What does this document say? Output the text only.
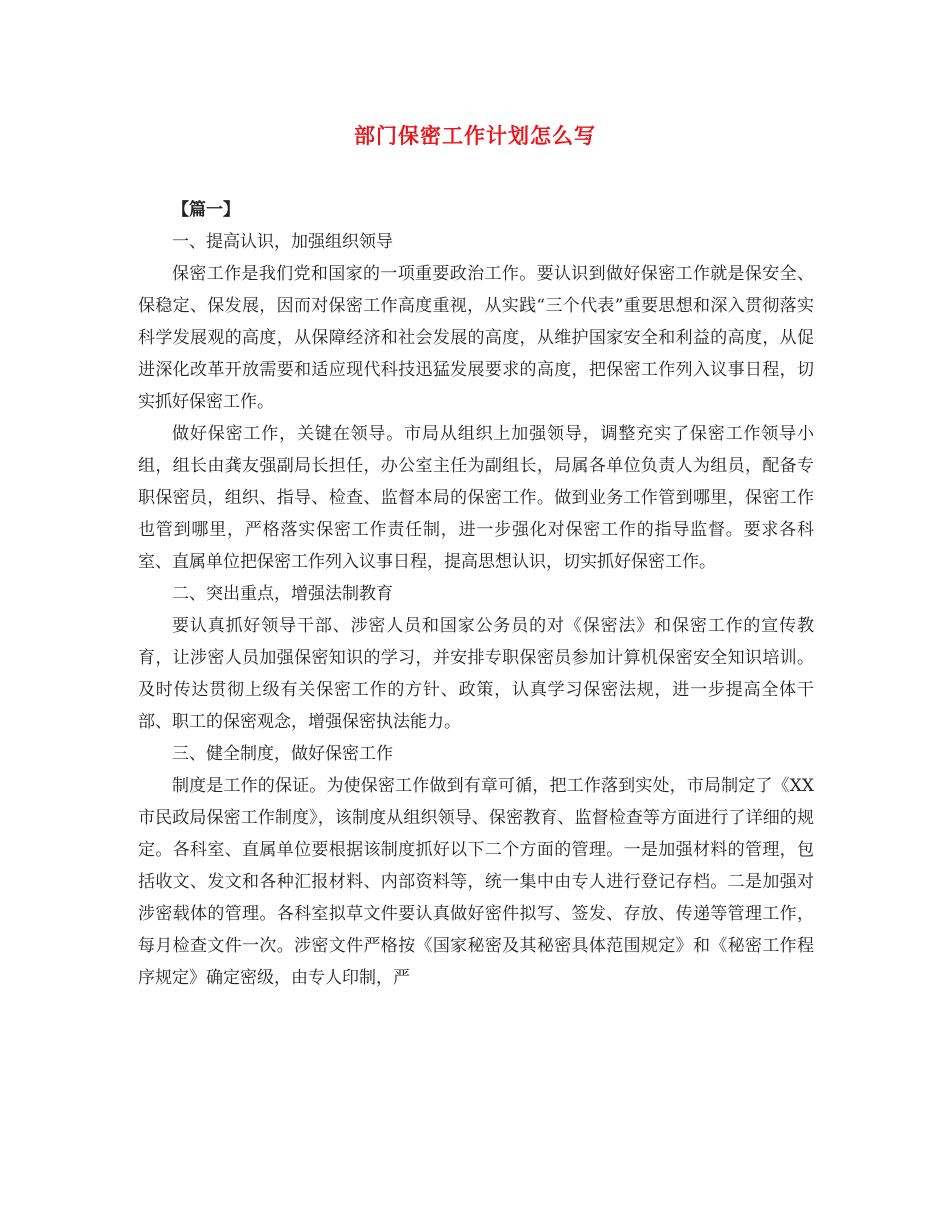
部门保密工作计划怎么写

【篇一】

一、提高认识，加强组织领导

保密工作是我们党和国家的一项重要政治工作。要认识到做好保密工作就是保安全、保稳定、保发展，因而对保密工作高度重视，从实践“三个代表”重要思想和深入贯彻落实科学发展观的高度，从保障经济和社会发展的高度，从维护国家安全和利益的高度，从促进深化改革开放需要和适应现代科技迅猛发展要求的高度，把保密工作列入议事日程，切实抓好保密工作。

做好保密工作，关键在领导。市局从组织上加强领导，调整充实了保密工作领导小组，组长由龚友强副局长担任，办公室主任为副组长，局属各单位负责人为组员，配备专职保密员，组织、指导、检查、监督本局的保密工作。做到业务工作管到哪里，保密工作也管到哪里，严格落实保密工作责任制，进一步强化对保密工作的指导监督。要求各科室、直属单位把保密工作列入议事日程，提高思想认识，切实抓好保密工作。

二、突出重点，增强法制教育

要认真抓好领导干部、涉密人员和国家公务员的对《保密法》和保密工作的宣传教育，让涉密人员加强保密知识的学习，并安排专职保密员参加计算机保密安全知识培训。及时传达贯彻上级有关保密工作的方针、政策，认真学习保密法规，进一步提高全体干部、职工的保密观念，增强保密执法能力。

三、健全制度，做好保密工作

制度是工作的保证。为使保密工作做到有章可循，把工作落到实处，市局制定了《XX市民政局保密工作制度》，该制度从组织领导、保密教育、监督检查等方面进行了详细的规定。各科室、直属单位要根据该制度抓好以下二个方面的管理。一是加强材料的管理，包括收文、发文和各种汇报材料、内部资料等，统一集中由专人进行登记存档。二是加强对涉密载体的管理。各科室拟草文件要认真做好密件拟写、签发、存放、传递等管理工作，每月检查文件一次。涉密文件严格按《国家秘密及其秘密具体范围规定》和《秘密工作程序规定》确定密级，由专人印制，严
